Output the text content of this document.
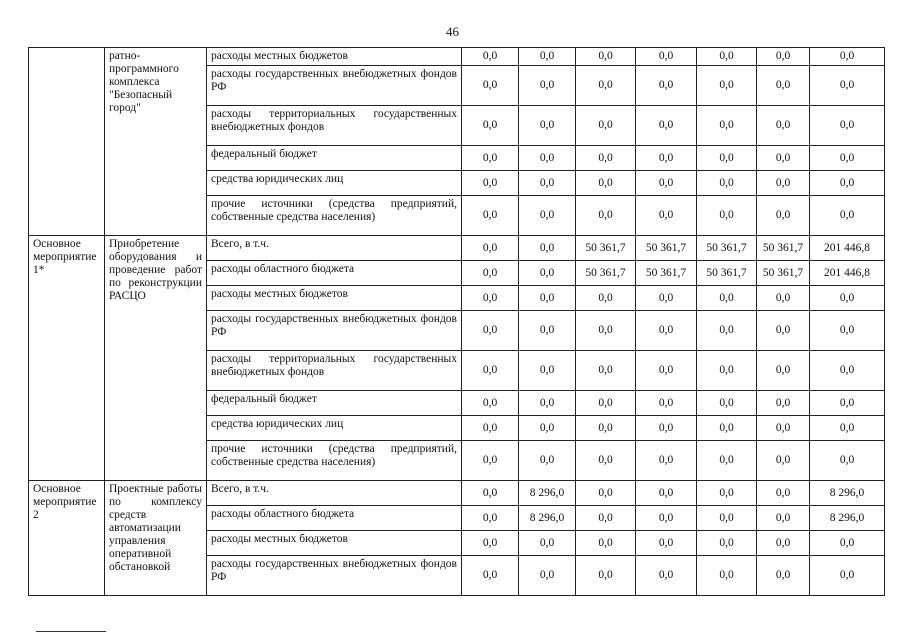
46
	ратно-программного комплекса "Безопасный город"	расходы местных бюджетов	0,0	0,0	0,0	0,0	0,0	0,0	0,0
		расходы государственных внебюджетных фондов РФ	0,0	0,0	0,0	0,0	0,0	0,0	0,0
		расходы территориальных государственных внебюджетных фондов	0,0	0,0	0,0	0,0	0,0	0,0	0,0
		федеральный бюджет	0,0	0,0	0,0	0,0	0,0	0,0	0,0
		средства юридических лиц	0,0	0,0	0,0	0,0	0,0	0,0	0,0
		прочие источники (средства предприятий, собственные средства населения)	0,0	0,0	0,0	0,0	0,0	0,0	0,0
Основное мероприятие 1*	Приобретение оборудования и проведение работ по реконструкции РАСЦО	Всего, в т.ч.	0,0	0,0	50 361,7	50 361,7	50 361,7	50 361,7	201 446,8
		расходы областного бюджета	0,0	0,0	50 361,7	50 361,7	50 361,7	50 361,7	201 446,8
		расходы местных бюджетов	0,0	0,0	0,0	0,0	0,0	0,0	0,0
		расходы государственных внебюджетных фондов РФ	0,0	0,0	0,0	0,0	0,0	0,0	0,0
		расходы территориальных государственных внебюджетных фондов	0,0	0,0	0,0	0,0	0,0	0,0	0,0
		федеральный бюджет	0,0	0,0	0,0	0,0	0,0	0,0	0,0
		средства юридических лиц	0,0	0,0	0,0	0,0	0,0	0,0	0,0
		прочие источники (средства предприятий, собственные средства населения)	0,0	0,0	0,0	0,0	0,0	0,0	0,0
Основное мероприятие 2	Проектные работы по комплексу средств автоматизации управления оперативной обстановкой	Всего, в т.ч.	0,0	8 296,0	0,0	0,0	0,0	0,0	8 296,0
		расходы областного бюджета	0,0	8 296,0	0,0	0,0	0,0	0,0	8 296,0
		расходы местных бюджетов	0,0	0,0	0,0	0,0	0,0	0,0	0,0
		расходы государственных внебюджетных фондов РФ	0,0	0,0	0,0	0,0	0,0	0,0	0,0
